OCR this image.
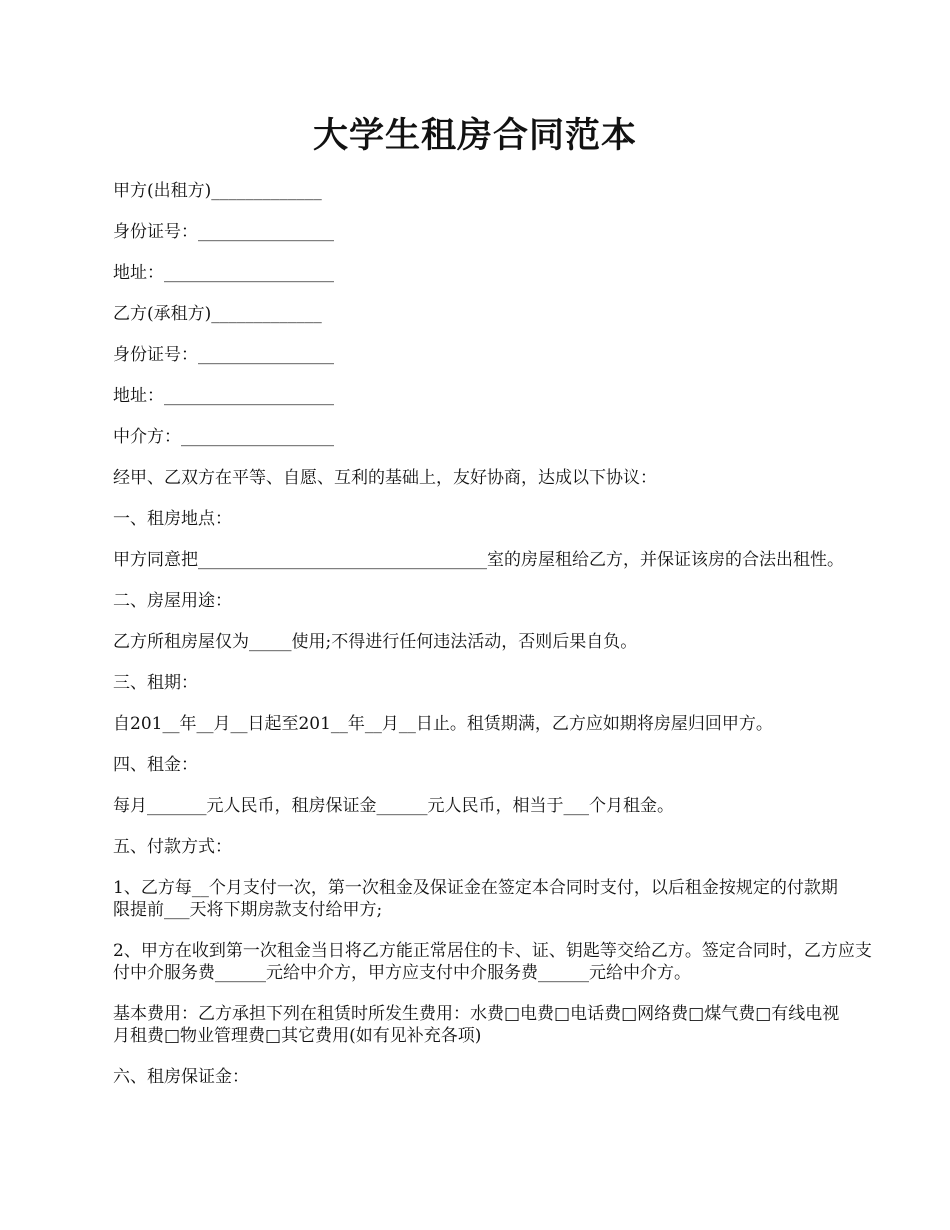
大学生租房合同范本

甲方(出租方)_____________

身份证号：________________

地址：____________________

乙方(承租方)_____________

身份证号：________________

地址：____________________

中介方：__________________

经甲、乙双方在平等、自愿、互利的基础上，友好协商，达成以下协议：

一、租房地点：

甲方同意把__________________________________室的房屋租给乙方，并保证该房的合法出租性。

二、房屋用途：

乙方所租房屋仅为_____使用;不得进行任何违法活动，否则后果自负。

三、租期：

自201__年__月__日起至201__年__月__日止。租赁期满，乙方应如期将房屋归回甲方。

四、租金：

每月_______元人民币，租房保证金______元人民币，相当于___个月租金。

五、付款方式：

1、乙方每__个月支付一次，第一次租金及保证金在签定本合同时支付，以后租金按规定的付款期限提前___天将下期房款支付给甲方;

2、甲方在收到第一次租金当日将乙方能正常居住的卡、证、钥匙等交给乙方。签定合同时，乙方应支付中介服务费______元给中介方，甲方应支付中介服务费______元给中介方。

基本费用：乙方承担下列在租赁时所发生费用：水费□电费□电话费□网络费□煤气费□有线电视月租费□物业管理费□其它费用(如有见补充各项)

六、租房保证金：
